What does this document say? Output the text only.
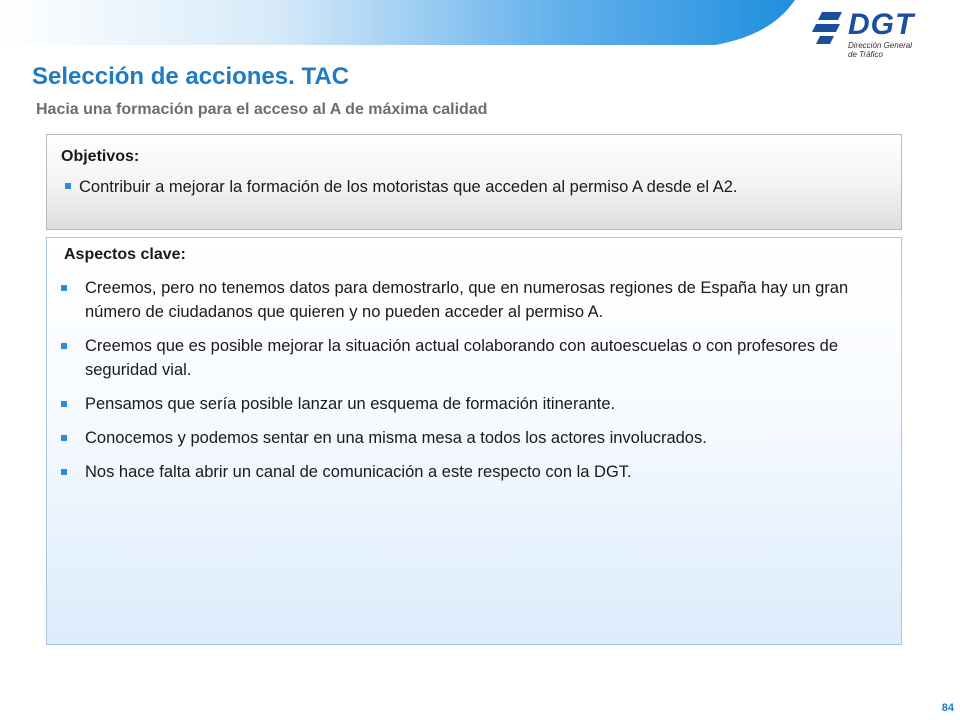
DGT
Dirección General
de Tráfico
Selección de acciones. TAC
Hacia una formación para el acceso al A de máxima calidad
Objetivos:
Contribuir a mejorar la formación de los motoristas que acceden al permiso A desde el A2.
Aspectos clave:
Creemos, pero no tenemos datos para demostrarlo, que en numerosas regiones de España hay un gran número de ciudadanos que quieren y no pueden acceder al permiso A.
Creemos que es posible mejorar la situación actual colaborando con autoescuelas o con profesores de seguridad vial.
Pensamos que sería posible lanzar un esquema de formación itinerante.
Conocemos y podemos sentar en una misma mesa a todos los actores involucrados.
Nos hace falta abrir un canal de comunicación a este respecto con la DGT.
84
